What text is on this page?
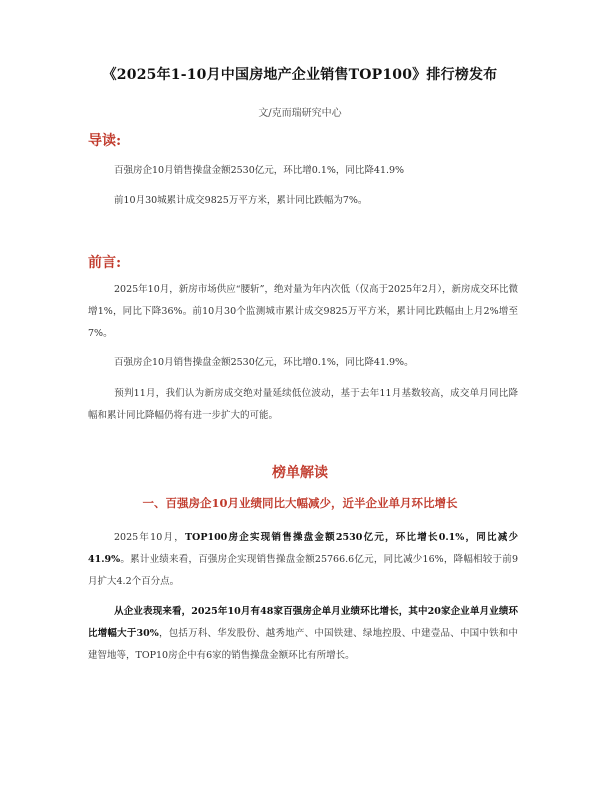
《2025年1-10月中国房地产企业销售TOP100》排行榜发布
文/克而瑞研究中心
导读:
百强房企10月销售操盘金额2530亿元，环比增0.1%，同比降41.9%
前10月30城累计成交9825万平方米，累计同比跌幅为7%。
前言:
2025年10月，新房市场供应“腰斩”，绝对量为年内次低（仅高于2025年2月），新房成交环比微增1%，同比下降36%。前10月30个监测城市累计成交9825万平方米，累计同比跌幅由上月2%增至7%。
百强房企10月销售操盘金额2530亿元，环比增0.1%，同比降41.9%。
预判11月，我们认为新房成交绝对量延续低位波动，基于去年11月基数较高，成交单月同比降幅和累计同比降幅仍将有进一步扩大的可能。
榜单解读
一、百强房企10月业绩同比大幅减少，近半企业单月环比增长
2025年10月，TOP100房企实现销售操盘金额2530亿元，环比增长0.1%，同比减少41.9%。累计业绩来看，百强房企实现销售操盘金额25766.6亿元，同比减少16%，降幅相较于前9月扩大4.2个百分点。
从企业表现来看，2025年10月有48家百强房企单月业绩环比增长，其中20家企业单月业绩环比增幅大于30%，包括万科、华发股份、越秀地产、中国铁建、绿地控股、中建壹品、中国中铁和中建智地等，TOP10房企中有6家的销售操盘金额环比有所增长。
